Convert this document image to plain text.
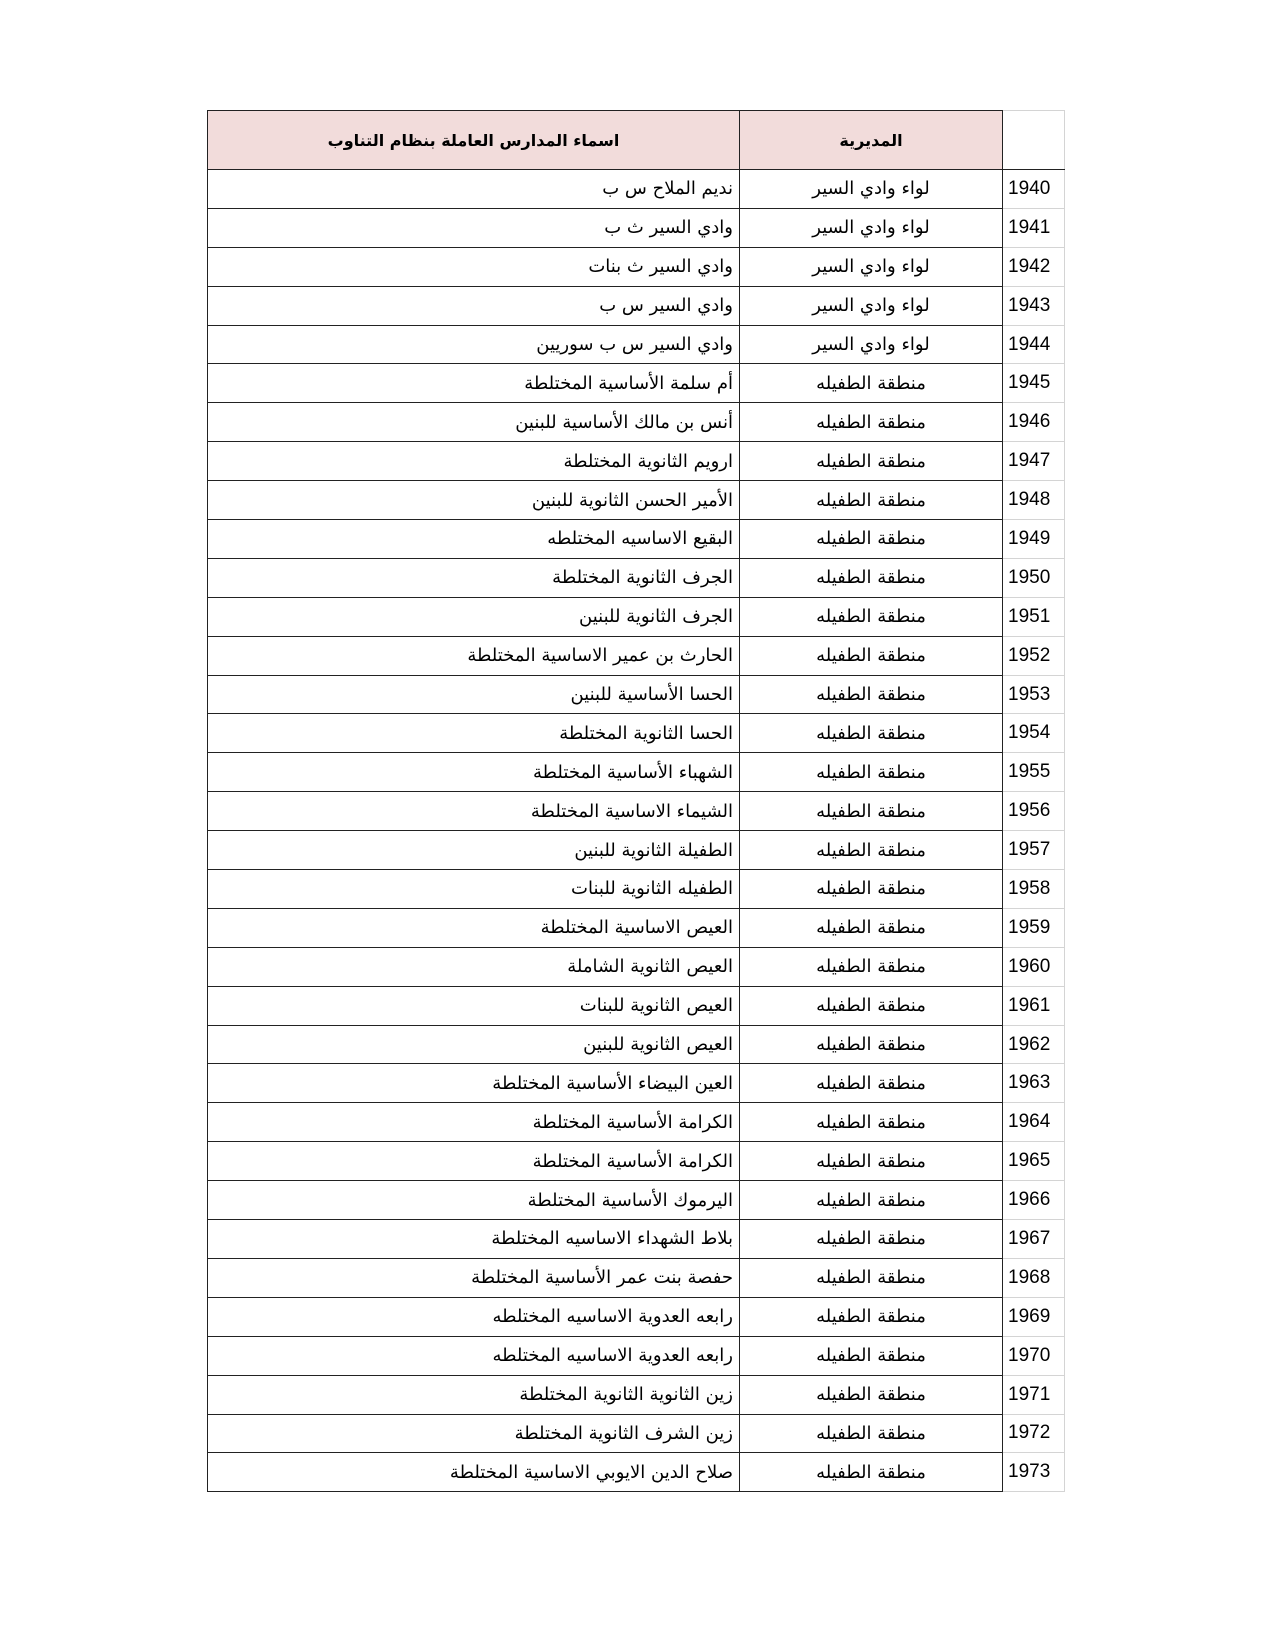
اسماء المدارس العاملة بنظام التناوب	المديرية	
نديم الملاح س ب	لواء وادي السير	1940
وادي السير ث ب	لواء وادي السير	1941
وادي السير ث بنات	لواء وادي السير	1942
وادي السير س ب	لواء وادي السير	1943
وادي السير س ب سوريين	لواء وادي السير	1944
أم سلمة الأساسية المختلطة	منطقة الطفيله	1945
أنس بن مالك الأساسية للبنين	منطقة الطفيله	1946
ارويم الثانوية المختلطة	منطقة الطفيله	1947
الأمير الحسن الثانوية للبنين	منطقة الطفيله	1948
البقيع الاساسيه المختلطه	منطقة الطفيله	1949
الجرف الثانوية المختلطة	منطقة الطفيله	1950
الجرف الثانوية للبنين	منطقة الطفيله	1951
الحارث بن عمير الاساسية المختلطة	منطقة الطفيله	1952
الحسا الأساسية للبنين	منطقة الطفيله	1953
الحسا الثانوية المختلطة	منطقة الطفيله	1954
الشهباء الأساسية المختلطة	منطقة الطفيله	1955
الشيماء الاساسية المختلطة	منطقة الطفيله	1956
الطفيلة الثانوية للبنين	منطقة الطفيله	1957
الطفيله الثانوية للبنات	منطقة الطفيله	1958
العيص الاساسية المختلطة	منطقة الطفيله	1959
العيص الثانوية الشاملة	منطقة الطفيله	1960
العيص الثانوية للبنات	منطقة الطفيله	1961
العيص الثانوية للبنين	منطقة الطفيله	1962
العين البيضاء الأساسية المختلطة	منطقة الطفيله	1963
الكرامة الأساسية المختلطة	منطقة الطفيله	1964
الكرامة الأساسية المختلطة	منطقة الطفيله	1965
اليرموك الأساسية المختلطة	منطقة الطفيله	1966
بلاط الشهداء الاساسيه المختلطة	منطقة الطفيله	1967
حفصة بنت عمر الأساسية المختلطة	منطقة الطفيله	1968
رابعه العدوية الاساسيه المختلطه	منطقة الطفيله	1969
رابعه العدوية الاساسيه المختلطه	منطقة الطفيله	1970
زين الثانوية الثانوية المختلطة	منطقة الطفيله	1971
زين الشرف الثانوية المختلطة	منطقة الطفيله	1972
صلاح الدين الايوبي الاساسية المختلطة	منطقة الطفيله	1973
